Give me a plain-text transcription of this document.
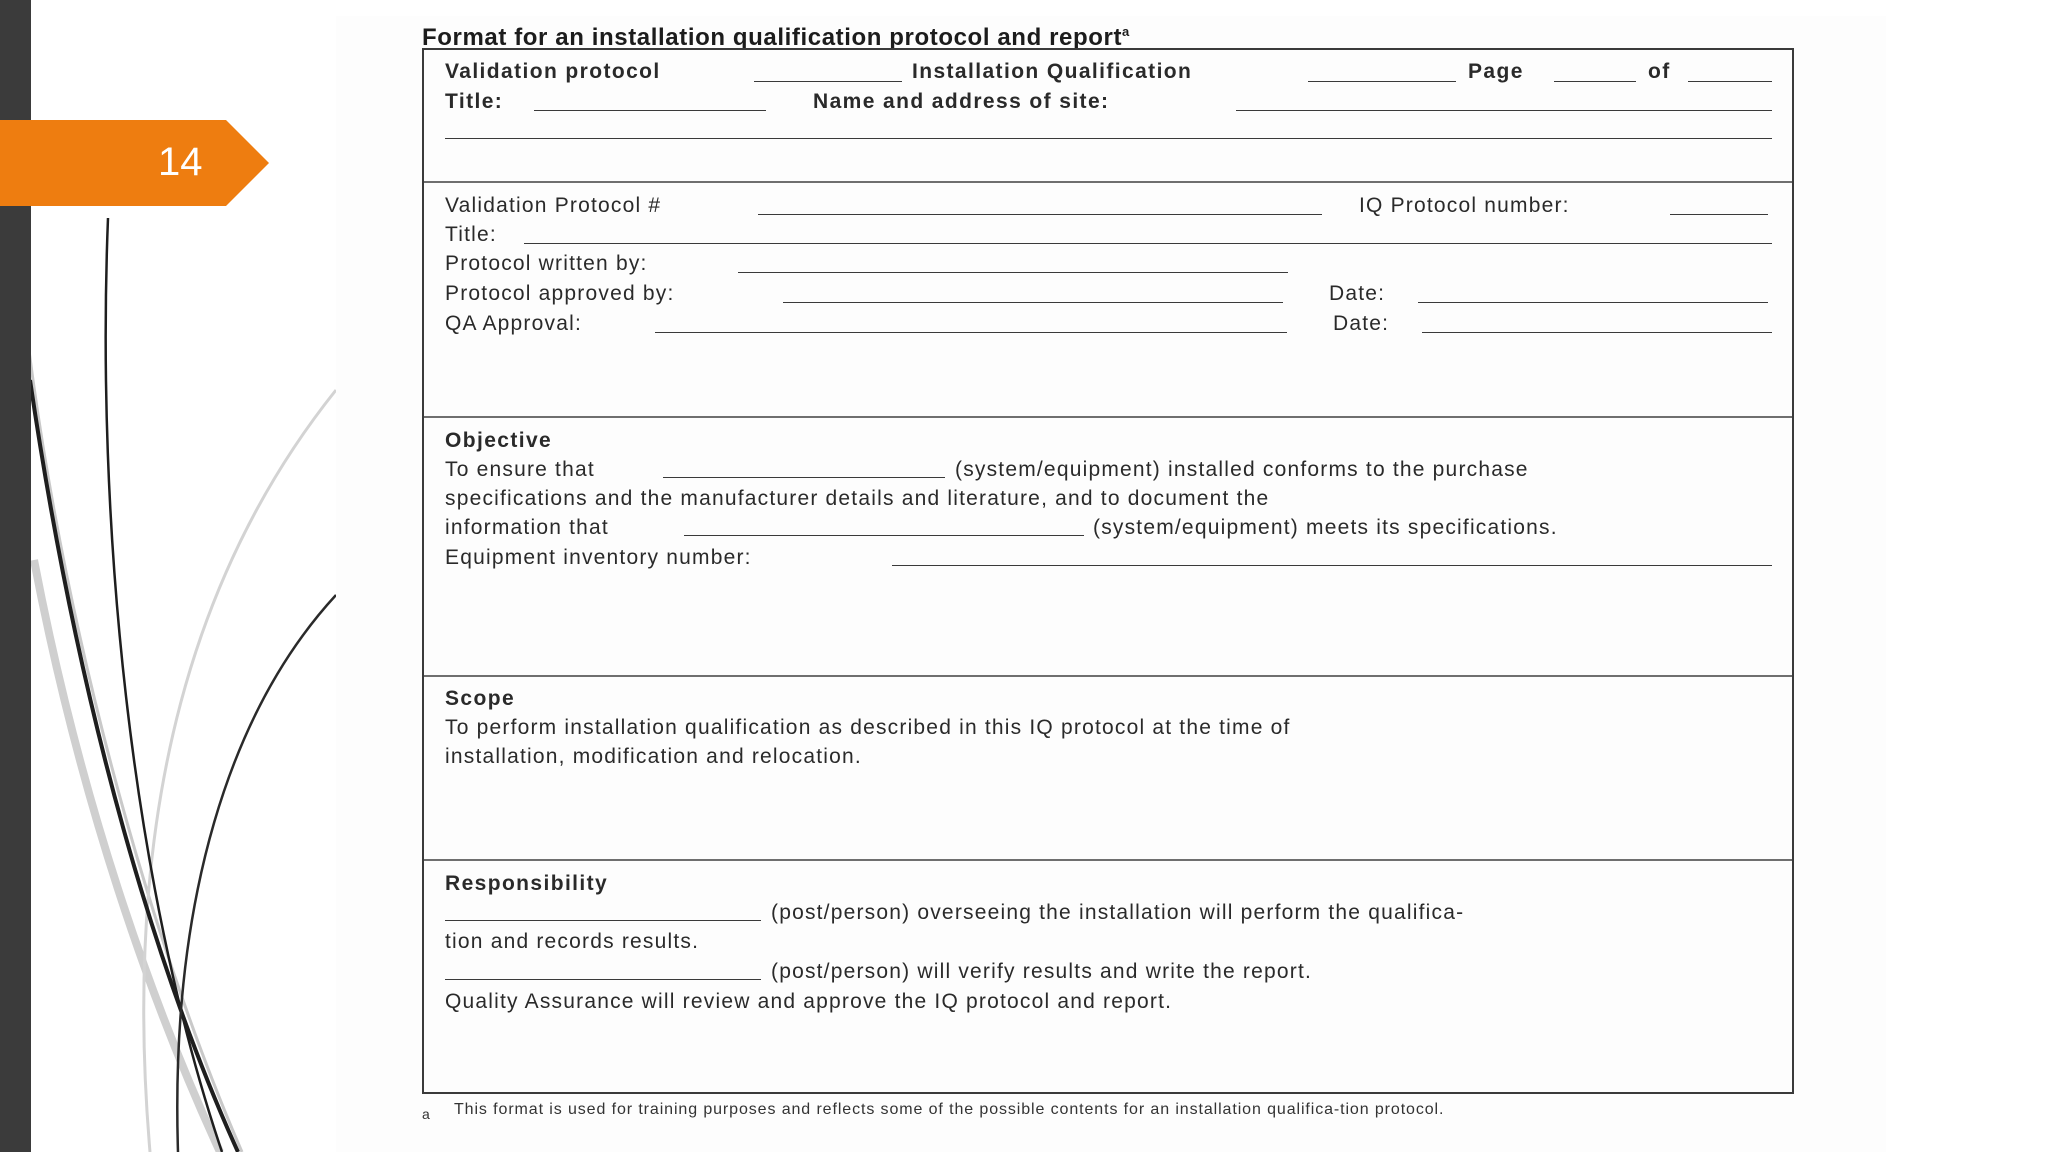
14
Format for an installation qualification protocol and report$^a$
Validation protocol	Installation Qualification	Page	of
Title:	Name and address of site:
Validation Protocol #	IQ Protocol number:
Title:
Protocol written by:
Protocol approved by:	Date:
QA Approval:	Date:
Objective
To ensure that	(system/equipment) installed conforms to the purchase
specifications and the manufacturer details and literature, and to document the
information that	(system/equipment) meets its specifications.
Equipment inventory number:
Scope
To perform installation qualification as described in this IQ protocol at the time of
installation, modification and relocation.
Responsibility
(post/person) overseeing the installation will perform the qualifica-
tion and records results.
(post/person) will verify results and write the report.
Quality Assurance will review and approve the IQ protocol and report.
a	This format is used for training purposes and reflects some of the possible contents for an installation qualifica-tion protocol.
